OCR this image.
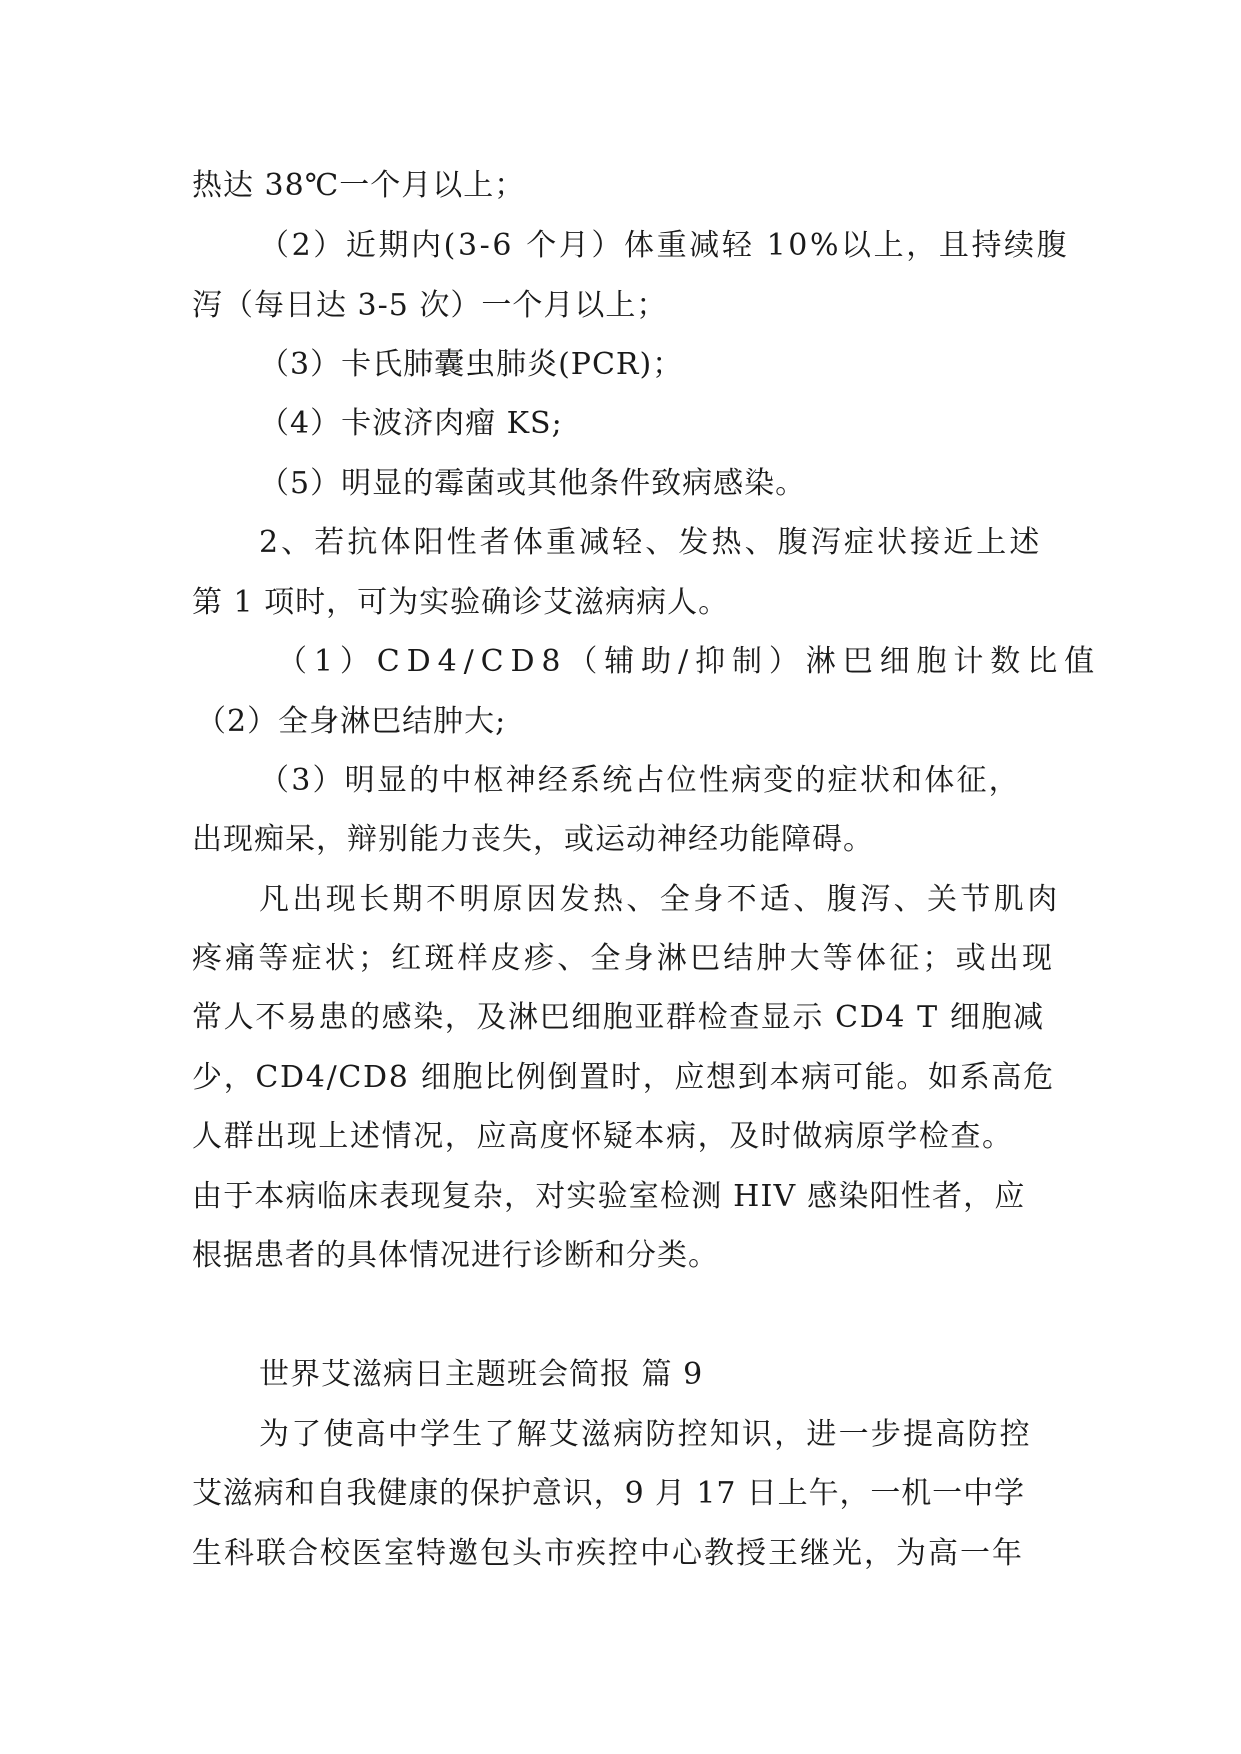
热达 38℃一个月以上；
（2）近期内(3-6 个月）体重减轻 10%以上，且持续腹
泻（每日达 3-5 次）一个月以上；
（3）卡氏肺囊虫肺炎(PCR)；
（4）卡波济肉瘤 KS;
（5）明显的霉菌或其他条件致病感染。
2、若抗体阳性者体重减轻、发热、腹泻症状接近上述
第 1 项时，可为实验确诊艾滋病病人。
（1）CD4/CD8（辅助/抑制）淋巴细胞计数比值
（2）全身淋巴结肿大;
（3）明显的中枢神经系统占位性病变的症状和体征，
出现痴呆，辩别能力丧失，或运动神经功能障碍。
凡出现长期不明原因发热、全身不适、腹泻、关节肌肉
疼痛等症状；红斑样皮疹、全身淋巴结肿大等体征；或出现
常人不易患的感染，及淋巴细胞亚群检查显示 CD4 T 细胞减
少，CD4/CD8 细胞比例倒置时，应想到本病可能。如系高危
人群出现上述情况，应高度怀疑本病，及时做病原学检查。
由于本病临床表现复杂，对实验室检测 HIV 感染阳性者，应
根据患者的具体情况进行诊断和分类。
世界艾滋病日主题班会简报 篇 9
为了使高中学生了解艾滋病防控知识，进一步提高防控
艾滋病和自我健康的保护意识，9 月 17 日上午，一机一中学
生科联合校医室特邀包头市疾控中心教授王继光，为高一年
